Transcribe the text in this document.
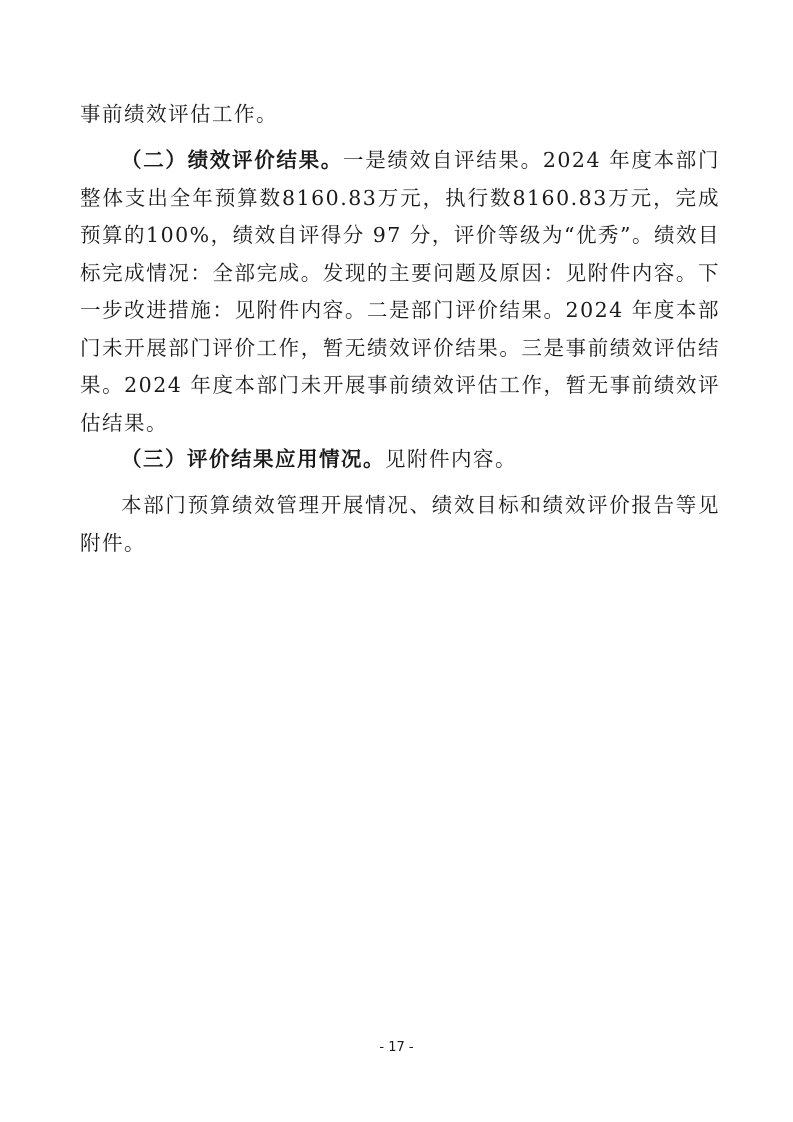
事前绩效评估工作。

（二）绩效评价结果。一是绩效自评结果。2024 年度本部门整体支出全年预算数8160.83万元，执行数8160.83万元，完成预算的100%，绩效自评得分 97 分，评价等级为“优秀”。绩效目标完成情况：全部完成。发现的主要问题及原因：见附件内容。下一步改进措施：见附件内容。二是部门评价结果。2024 年度本部门未开展部门评价工作，暂无绩效评价结果。三是事前绩效评估结果。2024 年度本部门未开展事前绩效评估工作，暂无事前绩效评估结果。

（三）评价结果应用情况。见附件内容。

本部门预算绩效管理开展情况、绩效目标和绩效评价报告等见附件。

- 17 -
